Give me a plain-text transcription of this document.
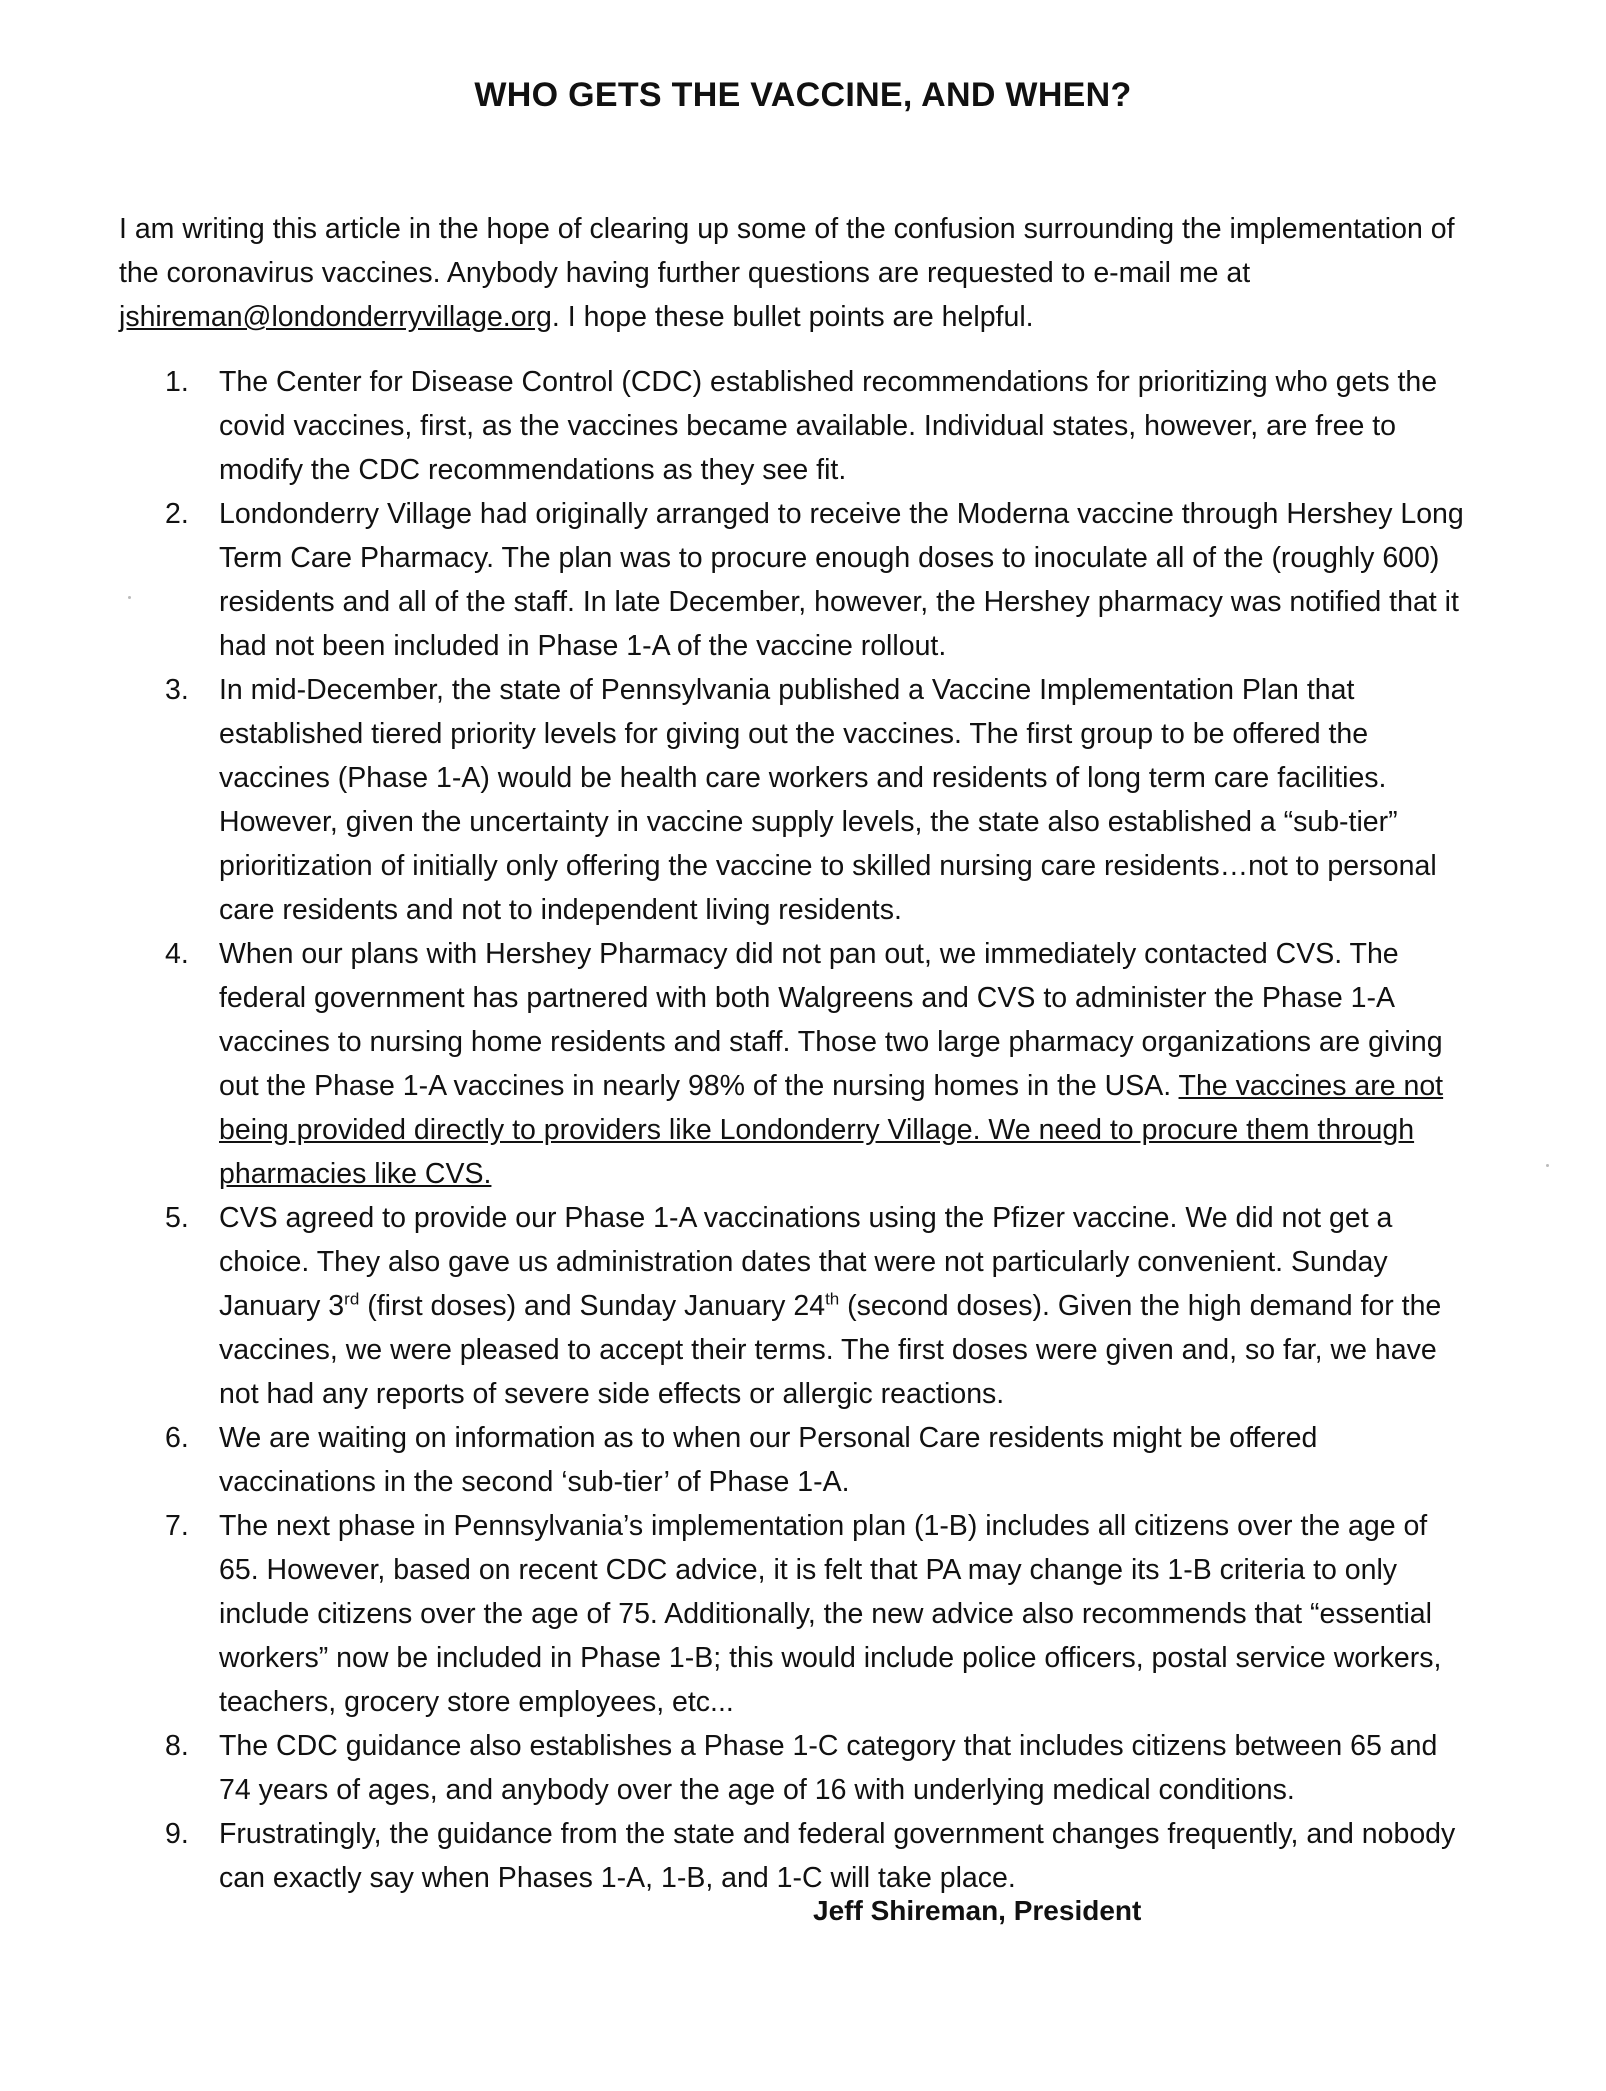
WHO GETS THE VACCINE, AND WHEN?

I am writing this article in the hope of clearing up some of the confusion surrounding the implementation of the coronavirus vaccines. Anybody having further questions are requested to e-mail me at jshireman@londonderryvillage.org. I hope these bullet points are helpful.

1. The Center for Disease Control (CDC) established recommendations for prioritizing who gets the covid vaccines, first, as the vaccines became available. Individual states, however, are free to modify the CDC recommendations as they see fit.
2. Londonderry Village had originally arranged to receive the Moderna vaccine through Hershey Long Term Care Pharmacy. The plan was to procure enough doses to inoculate all of the (roughly 600) residents and all of the staff. In late December, however, the Hershey pharmacy was notified that it had not been included in Phase 1-A of the vaccine rollout.
3. In mid-December, the state of Pennsylvania published a Vaccine Implementation Plan that established tiered priority levels for giving out the vaccines. The first group to be offered the vaccines (Phase 1-A) would be health care workers and residents of long term care facilities. However, given the uncertainty in vaccine supply levels, the state also established a “sub-tier” prioritization of initially only offering the vaccine to skilled nursing care residents…not to personal care residents and not to independent living residents.
4. When our plans with Hershey Pharmacy did not pan out, we immediately contacted CVS. The federal government has partnered with both Walgreens and CVS to administer the Phase 1-A vaccines to nursing home residents and staff. Those two large pharmacy organizations are giving out the Phase 1-A vaccines in nearly 98% of the nursing homes in the USA. The vaccines are not being provided directly to providers like Londonderry Village. We need to procure them through pharmacies like CVS.
5. CVS agreed to provide our Phase 1-A vaccinations using the Pfizer vaccine. We did not get a choice. They also gave us administration dates that were not particularly convenient. Sunday January 3rd (first doses) and Sunday January 24th (second doses). Given the high demand for the vaccines, we were pleased to accept their terms. The first doses were given and, so far, we have not had any reports of severe side effects or allergic reactions.
6. We are waiting on information as to when our Personal Care residents might be offered vaccinations in the second ‘sub-tier’ of Phase 1-A.
7. The next phase in Pennsylvania’s implementation plan (1-B) includes all citizens over the age of 65. However, based on recent CDC advice, it is felt that PA may change its 1-B criteria to only include citizens over the age of 75. Additionally, the new advice also recommends that “essential workers” now be included in Phase 1-B; this would include police officers, postal service workers, teachers, grocery store employees, etc...
8. The CDC guidance also establishes a Phase 1-C category that includes citizens between 65 and 74 years of ages, and anybody over the age of 16 with underlying medical conditions.
9. Frustratingly, the guidance from the state and federal government changes frequently, and nobody can exactly say when Phases 1-A, 1-B, and 1-C will take place.

Jeff Shireman, President
